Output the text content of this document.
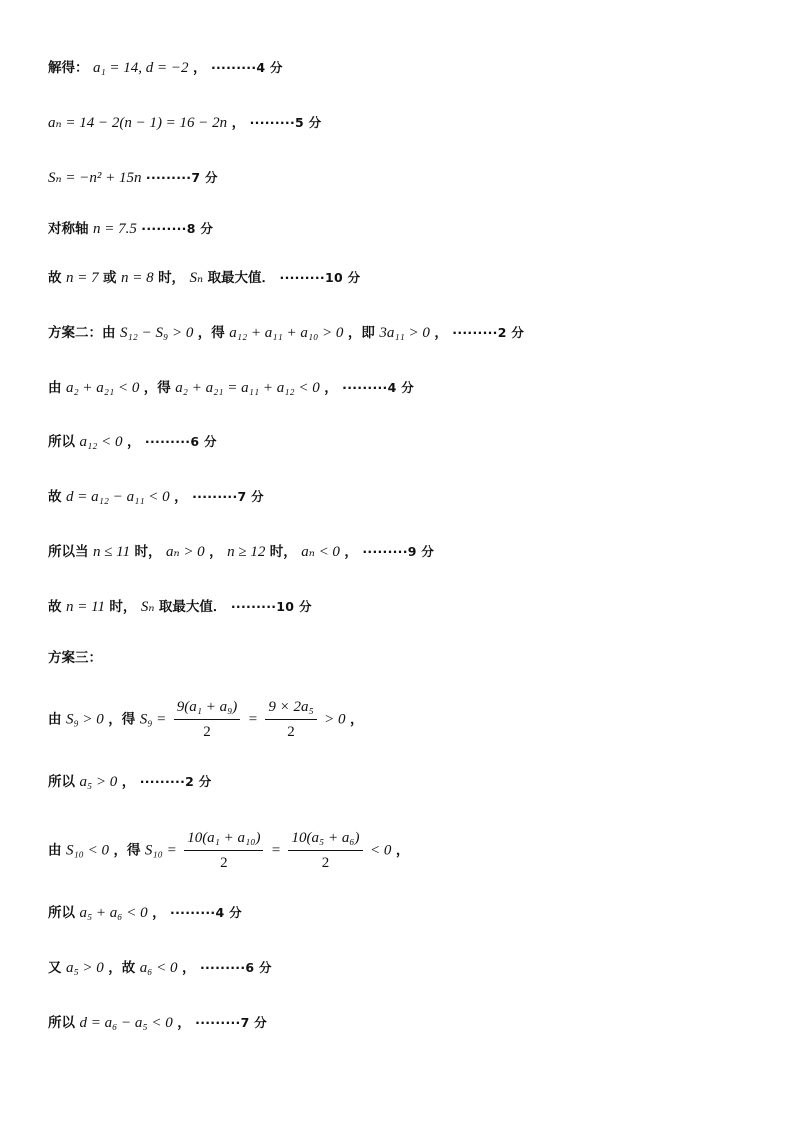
解得： a₁ = 14, d = −2 ， ·········4 分
aₙ = 14 − 2(n − 1) = 16 − 2n ， ·········5 分
Sₙ = −n² + 15n ·········7 分
对称轴 n = 7.5 ·········8 分
故 n = 7 或 n = 8 时， Sₙ 取最大值． ·········10 分
方案二：由 S₁₂ − S₉ > 0 ，得 a₁₂ + a₁₁ + a₁₀ > 0 ，即 3a₁₁ > 0 ， ·········2 分
由 a₂ + a₂₁ < 0 ，得 a₂ + a₂₁ = a₁₁ + a₁₂ < 0 ， ·········4 分
所以 a₁₂ < 0 ， ·········6 分
故 d = a₁₂ − a₁₁ < 0 ， ·········7 分
所以当 n ≤ 11 时， aₙ > 0 ， n ≥ 12 时， aₙ < 0 ， ·········9 分
故 n = 11 时， Sₙ 取最大值． ·········10 分
方案三：
由 S₉ > 0 ，得 $S_9 = \frac{\text{9(a₁ + a₉)}}{2} = \frac{\text{9 × 2a₅}}{2} > 0$ ，
所以 a₅ > 0 ， ·········2 分
由 S₁₀ < 0 ，得 $S_{10} = \frac{\text{10(a₁ + a₁₀)}}{2} = \frac{\text{10(a₅ + a₆)}}{2} < 0$ ，
所以 a₅ + a₆ < 0 ， ·········4 分
又 a₅ > 0 ，故 a₆ < 0 ， ·········6 分
所以 d = a₆ − a₅ < 0 ， ·········7 分
